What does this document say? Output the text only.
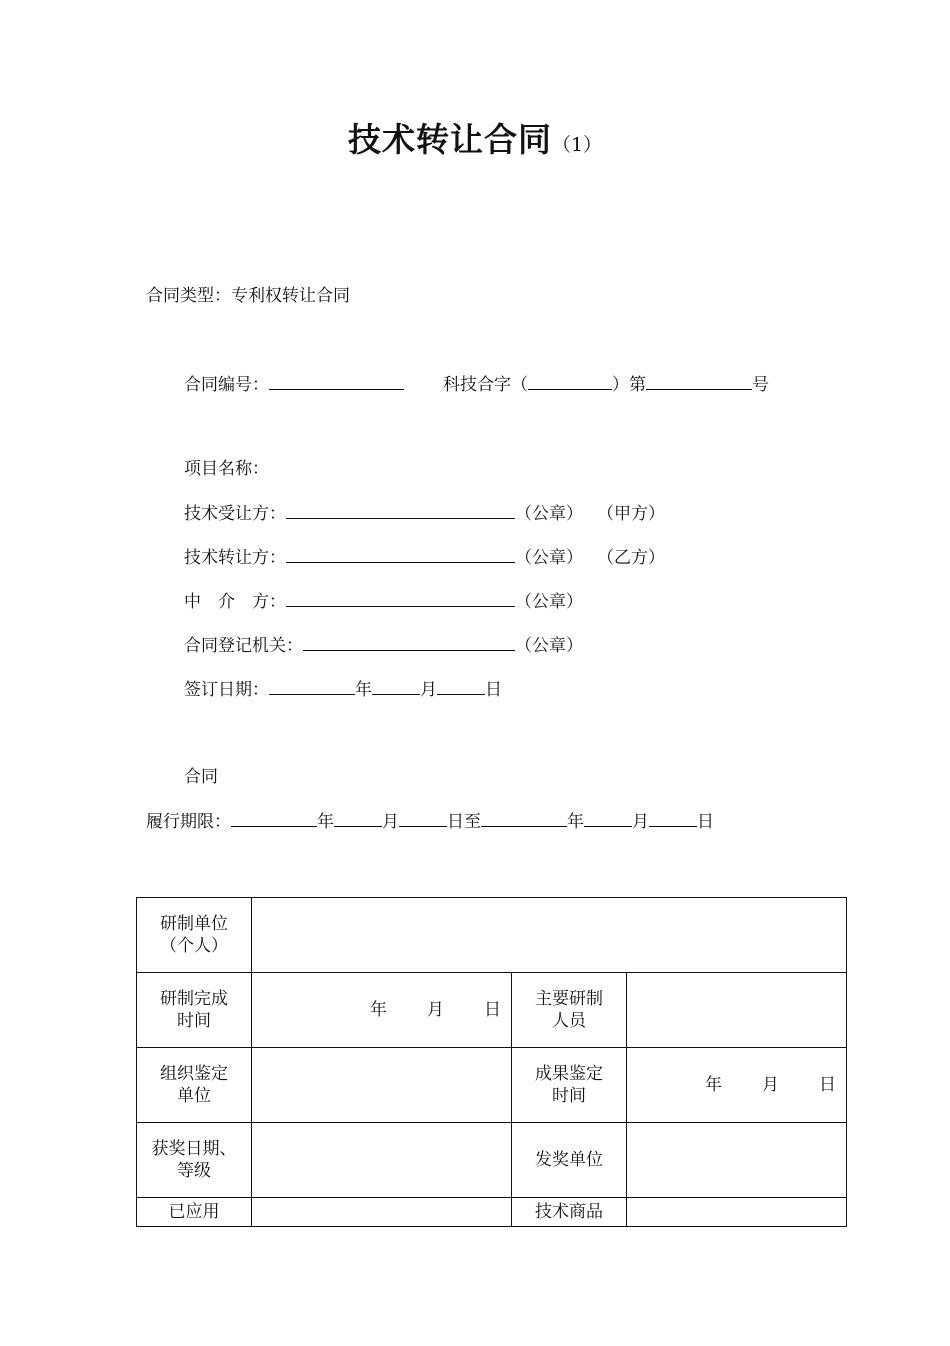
技术转让合同（1）
合同类型：专利权转让合同
合同编号：	科技合字（	）第	号
项目名称：
技术受让方：	（公章） （甲方）
技术转让方：	（公章） （乙方）
中　介　方：	（公章）
合同登记机关：	（公章）
签订日期：	年	月	日
合同
履行期限：	年	月	日至	年	月	日
研制单位（个人）			

研制完成时间	年 月 日	主要研制人员	

组织鉴定单位		成果鉴定时间	年 月 日

获奖日期、等级		发奖单位	
已应用		技术商品	
